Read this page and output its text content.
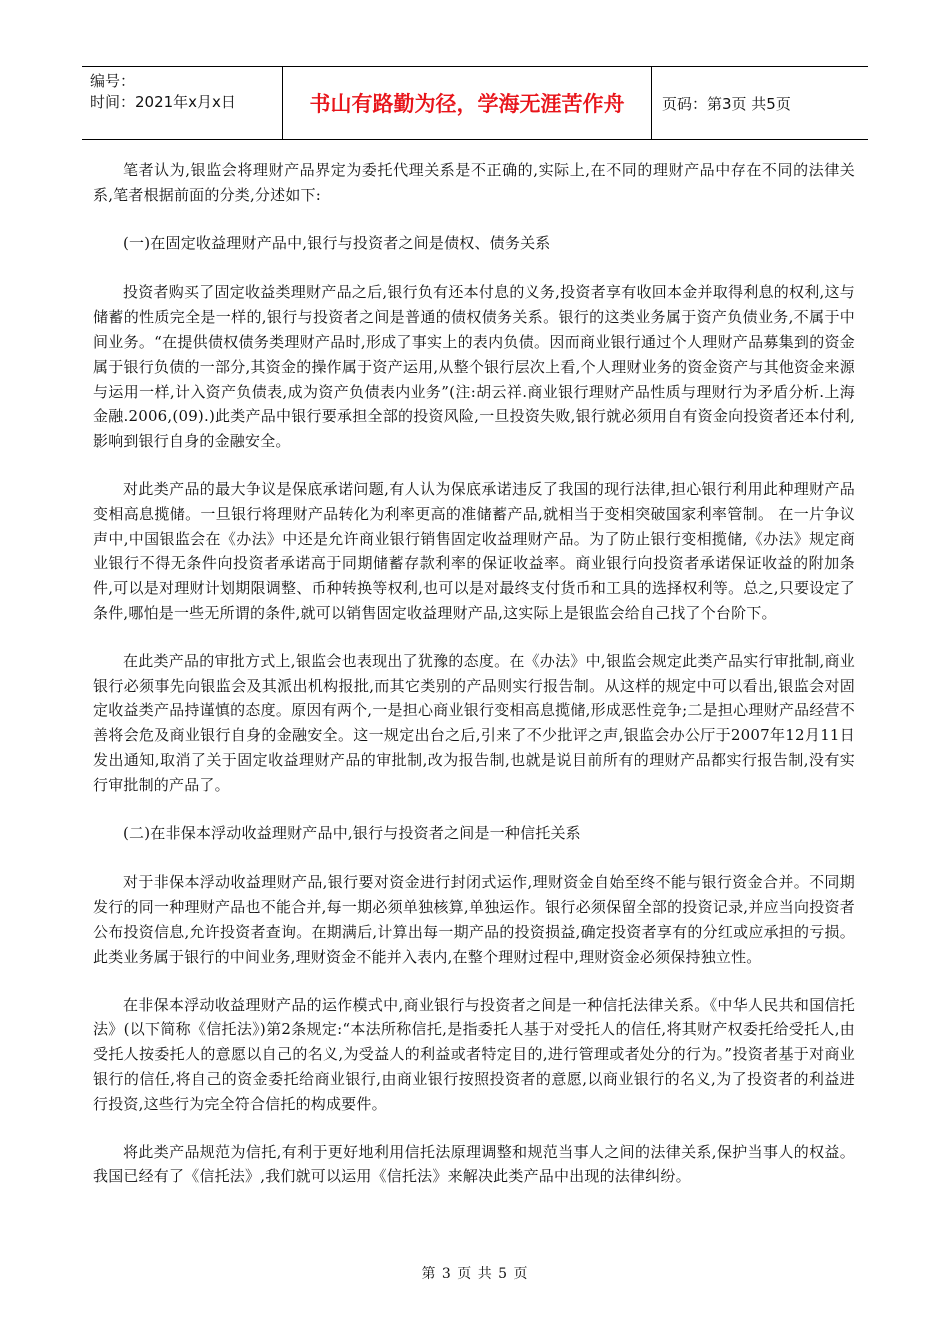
编号：
时间：2021年x月x日	书山有路勤为径，学海无涯苦作舟	页码：第3页 共5页

笔者认为,银监会将理财产品界定为委托代理关系是不正确的,实际上,在不同的理财产品中存在不同的法律关系,笔者根据前面的分类,分述如下:

(一)在固定收益理财产品中,银行与投资者之间是债权、债务关系

投资者购买了固定收益类理财产品之后,银行负有还本付息的义务,投资者享有收回本金并取得利息的权利,这与储蓄的性质完全是一样的,银行与投资者之间是普通的债权债务关系。银行的这类业务属于资产负债业务,不属于中间业务。“在提供债权债务类理财产品时,形成了事实上的表内负债。因而商业银行通过个人理财产品募集到的资金属于银行负债的一部分,其资金的操作属于资产运用,从整个银行层次上看,个人理财业务的资金资产与其他资金来源与运用一样,计入资产负债表,成为资产负债表内业务”(注:胡云祥.商业银行理财产品性质与理财行为矛盾分析.上海金融.2006,(09).)此类产品中银行要承担全部的投资风险,一旦投资失败,银行就必须用自有资金向投资者还本付利,影响到银行自身的金融安全。

对此类产品的最大争议是保底承诺问题,有人认为保底承诺违反了我国的现行法律,担心银行利用此种理财产品变相高息揽储。一旦银行将理财产品转化为利率更高的准储蓄产品,就相当于变相突破国家利率管制。 在一片争议声中,中国银监会在《办法》中还是允许商业银行销售固定收益理财产品。为了防止银行变相揽储,《办法》规定商业银行不得无条件向投资者承诺高于同期储蓄存款利率的保证收益率。商业银行向投资者承诺保证收益的附加条件,可以是对理财计划期限调整、币种转换等权利,也可以是对最终支付货币和工具的选择权利等。总之,只要设定了条件,哪怕是一些无所谓的条件,就可以销售固定收益理财产品,这实际上是银监会给自己找了个台阶下。

在此类产品的审批方式上,银监会也表现出了犹豫的态度。在《办法》中,银监会规定此类产品实行审批制,商业银行必须事先向银监会及其派出机构报批,而其它类别的产品则实行报告制。从这样的规定中可以看出,银监会对固定收益类产品持谨慎的态度。原因有两个,一是担心商业银行变相高息揽储,形成恶性竞争;二是担心理财产品经营不善将会危及商业银行自身的金融安全。这一规定出台之后,引来了不少批评之声,银监会办公厅于2007年12月11日发出通知,取消了关于固定收益理财产品的审批制,改为报告制,也就是说目前所有的理财产品都实行报告制,没有实行审批制的产品了。

(二)在非保本浮动收益理财产品中,银行与投资者之间是一种信托关系

对于非保本浮动收益理财产品,银行要对资金进行封闭式运作,理财资金自始至终不能与银行资金合并。不同期发行的同一种理财产品也不能合并,每一期必须单独核算,单独运作。银行必须保留全部的投资记录,并应当向投资者公布投资信息,允许投资者查询。在期满后,计算出每一期产品的投资损益,确定投资者享有的分红或应承担的亏损。此类业务属于银行的中间业务,理财资金不能并入表内,在整个理财过程中,理财资金必须保持独立性。

在非保本浮动收益理财产品的运作模式中,商业银行与投资者之间是一种信托法律关系。《中华人民共和国信托法》(以下简称《信托法》)第2条规定:“本法所称信托,是指委托人基于对受托人的信任,将其财产权委托给受托人,由受托人按委托人的意愿以自己的名义,为受益人的利益或者特定目的,进行管理或者处分的行为。”投资者基于对商业银行的信任,将自己的资金委托给商业银行,由商业银行按照投资者的意愿,以商业银行的名义,为了投资者的利益进行投资,这些行为完全符合信托的构成要件。

将此类产品规范为信托,有利于更好地利用信托法原理调整和规范当事人之间的法律关系,保护当事人的权益。我国已经有了《信托法》,我们就可以运用《信托法》来解决此类产品中出现的法律纠纷。

第 3 页 共 5 页
